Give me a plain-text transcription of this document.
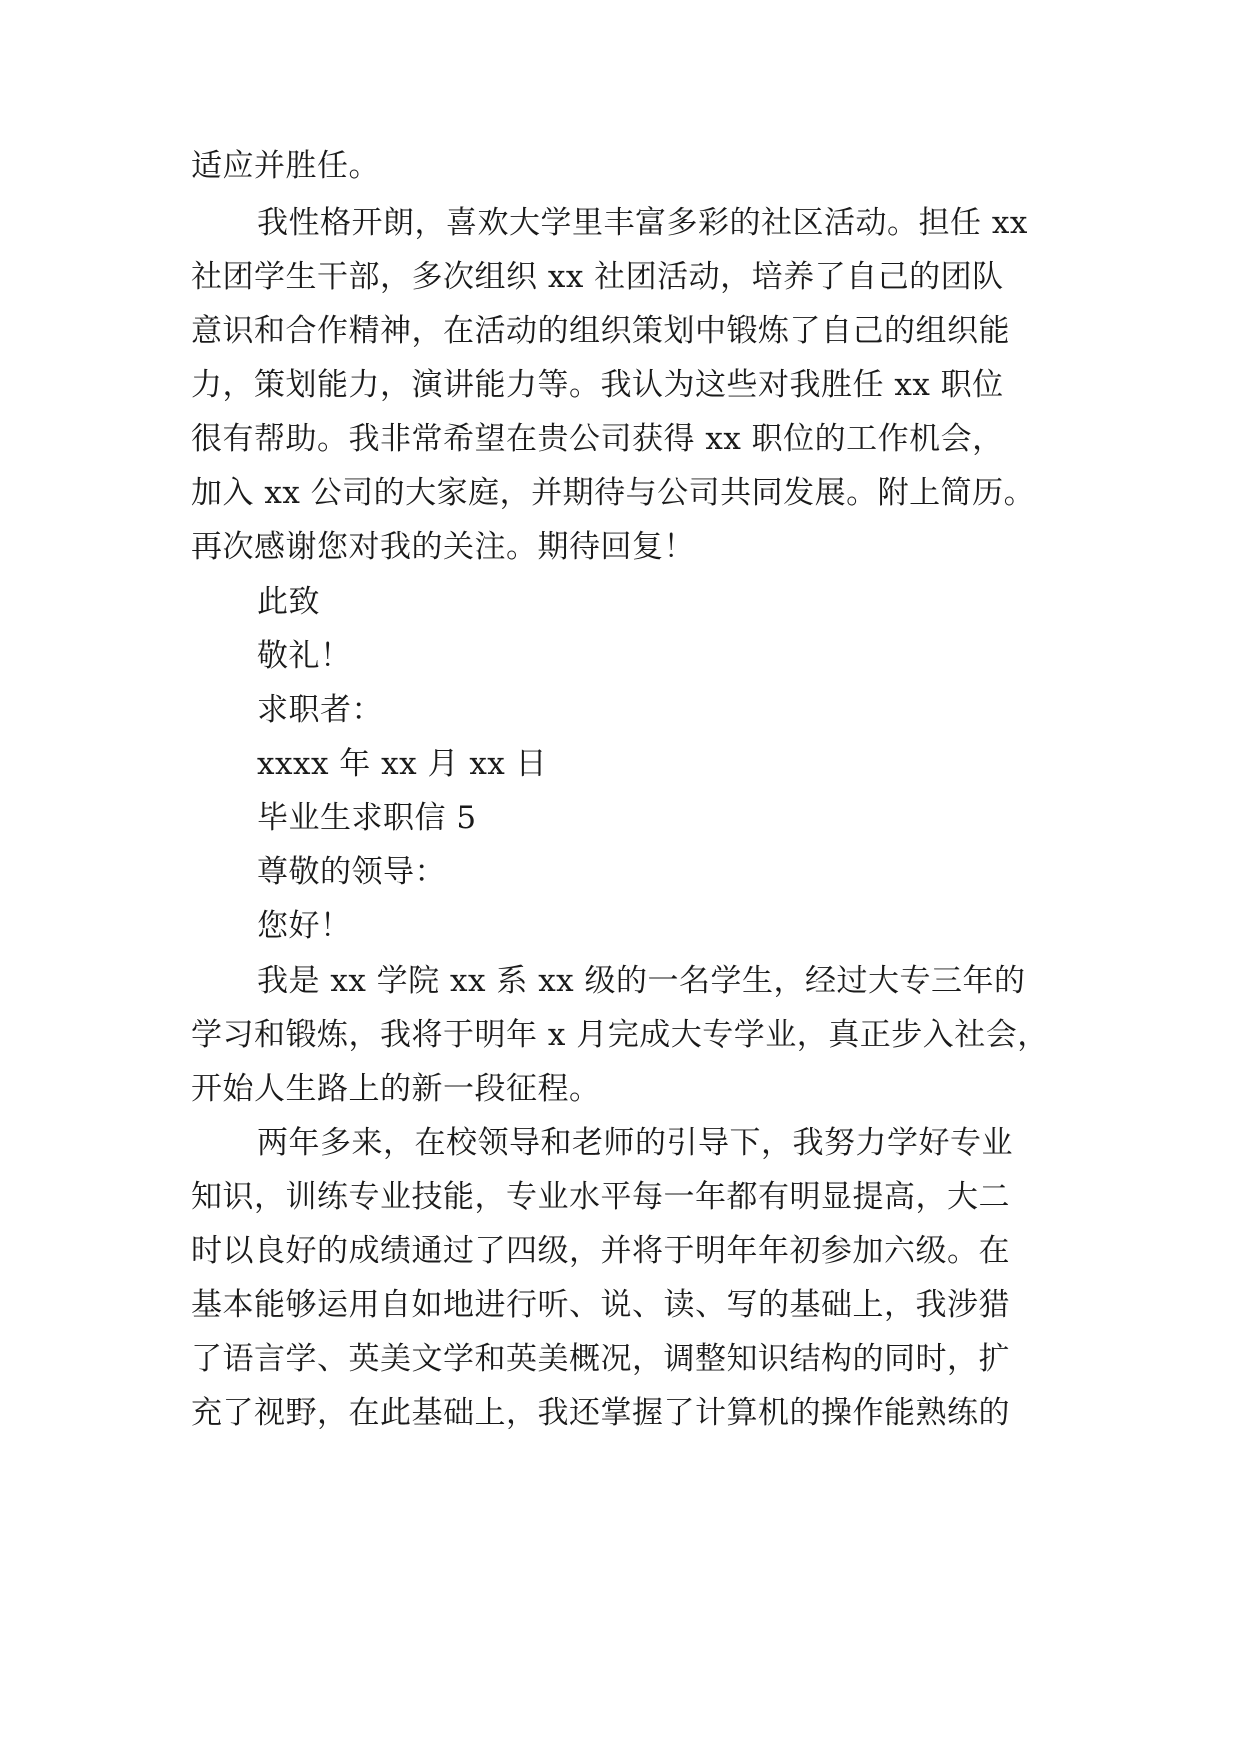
适应并胜任。
我性格开朗，喜欢大学里丰富多彩的社区活动。担任 xx
社团学生干部，多次组织 xx 社团活动，培养了自己的团队
意识和合作精神，在活动的组织策划中锻炼了自己的组织能
力，策划能力，演讲能力等。我认为这些对我胜任 xx 职位
很有帮助。我非常希望在贵公司获得 xx 职位的工作机会，
加入 xx 公司的大家庭，并期待与公司共同发展。附上简历。
再次感谢您对我的关注。期待回复！
此致
敬礼！
求职者：
xxxx 年 xx 月 xx 日
毕业生求职信 5
尊敬的领导：
您好！
我是 xx 学院 xx 系 xx 级的一名学生，经过大专三年的
学习和锻炼，我将于明年 x 月完成大专学业，真正步入社会，
开始人生路上的新一段征程。
两年多来，在校领导和老师的引导下，我努力学好专业
知识，训练专业技能，专业水平每一年都有明显提高，大二
时以良好的成绩通过了四级，并将于明年年初参加六级。在
基本能够运用自如地进行听、说、读、写的基础上，我涉猎
了语言学、英美文学和英美概况，调整知识结构的同时，扩
充了视野，在此基础上，我还掌握了计算机的操作能熟练的
